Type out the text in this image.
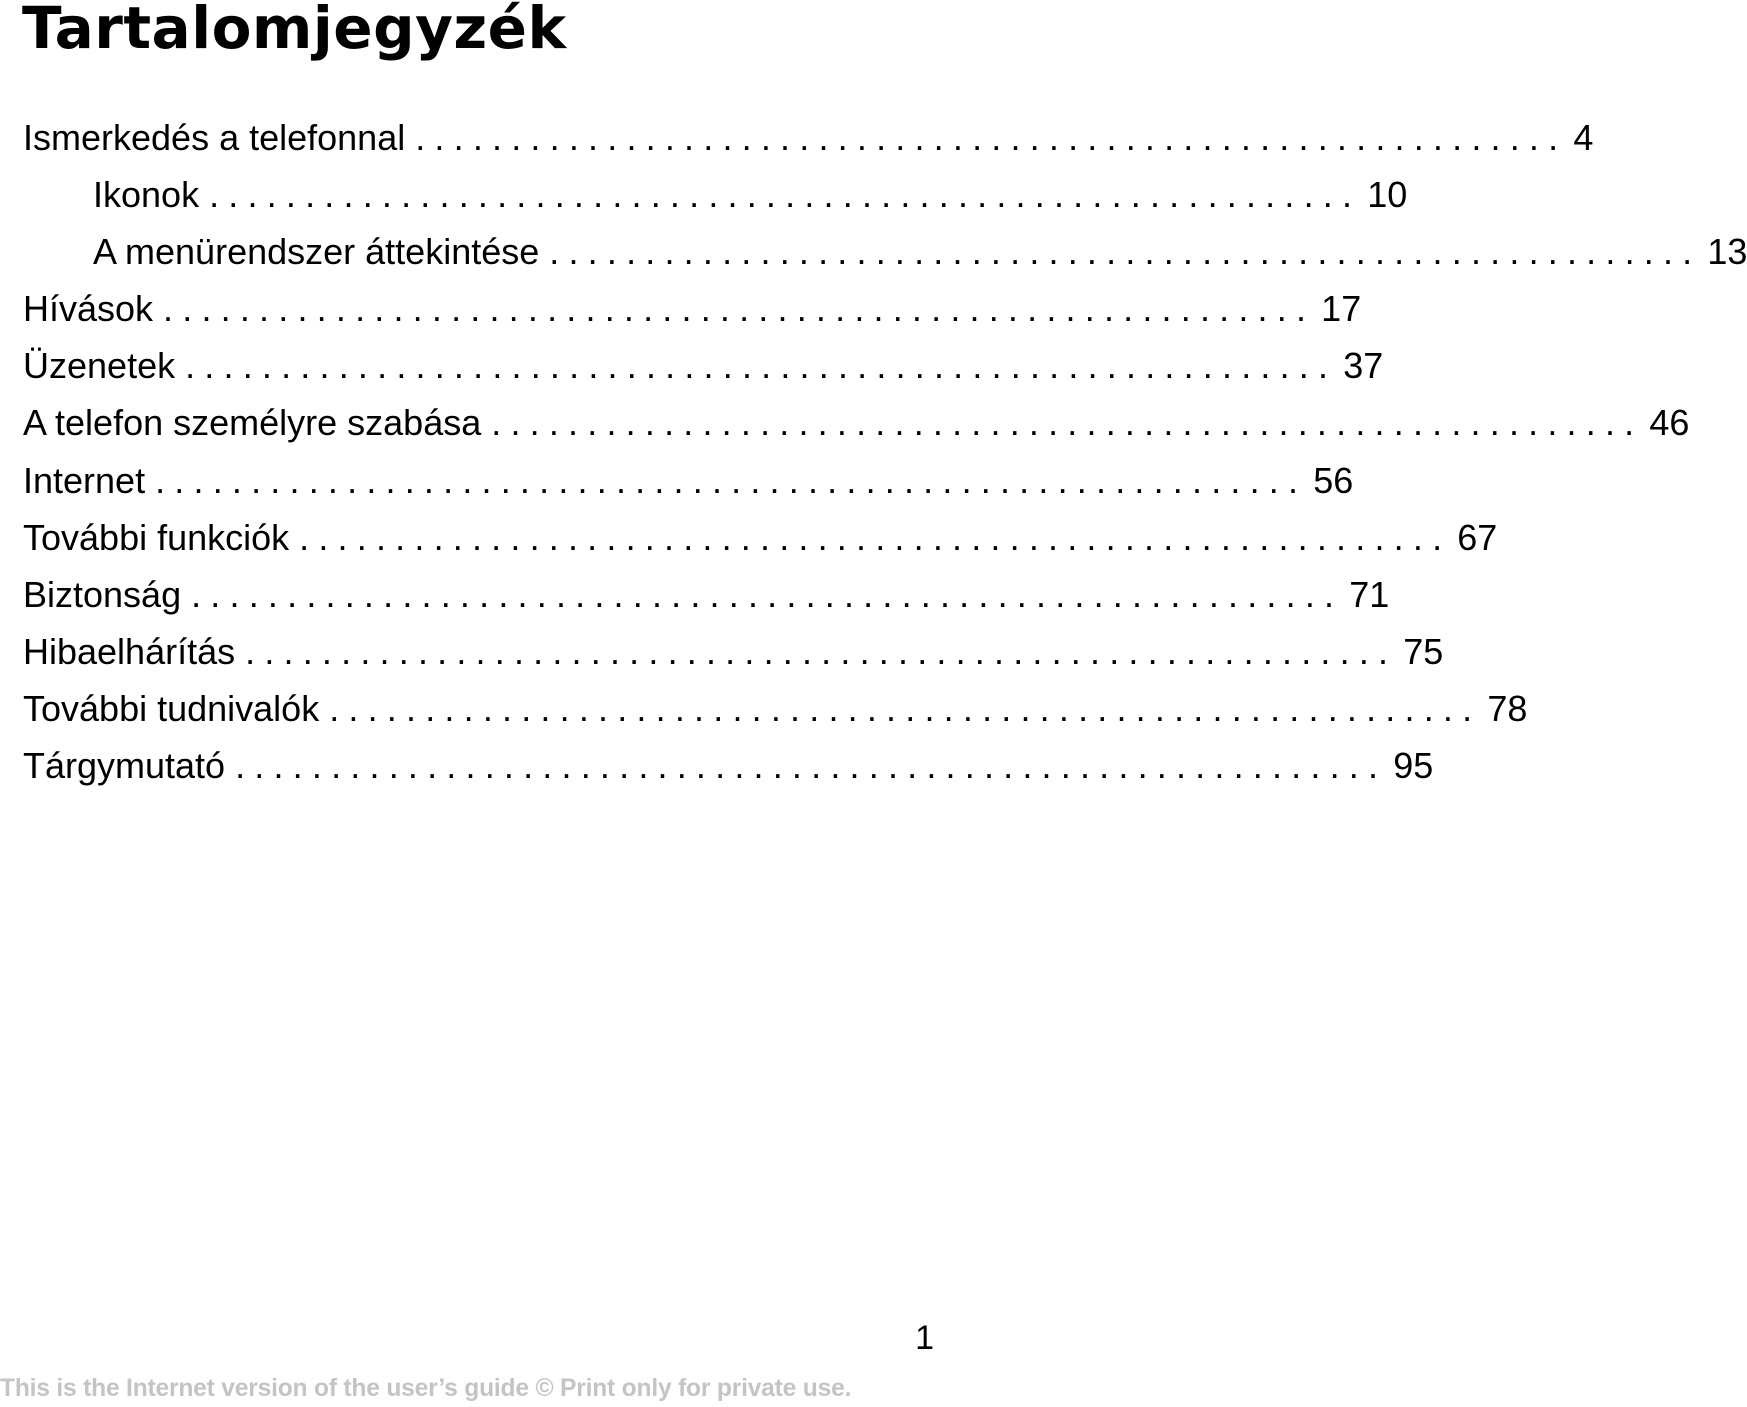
Tartalomjegyzék
Ismerkedés a telefonnal ............................................................ 4
Ikonok ............................................................ 10
A menürendszer áttekintése ............................................................ 13
Hívások ............................................................ 17
Üzenetek ............................................................ 37
A telefon személyre szabása ............................................................ 46
Internet ............................................................ 56
További funkciók ............................................................ 67
Biztonság ............................................................ 71
Hibaelhárítás ............................................................ 75
További tudnivalók ............................................................ 78
Tárgymutató ............................................................ 95
1
This is the Internet version of the user’s guide © Print only for private use.
